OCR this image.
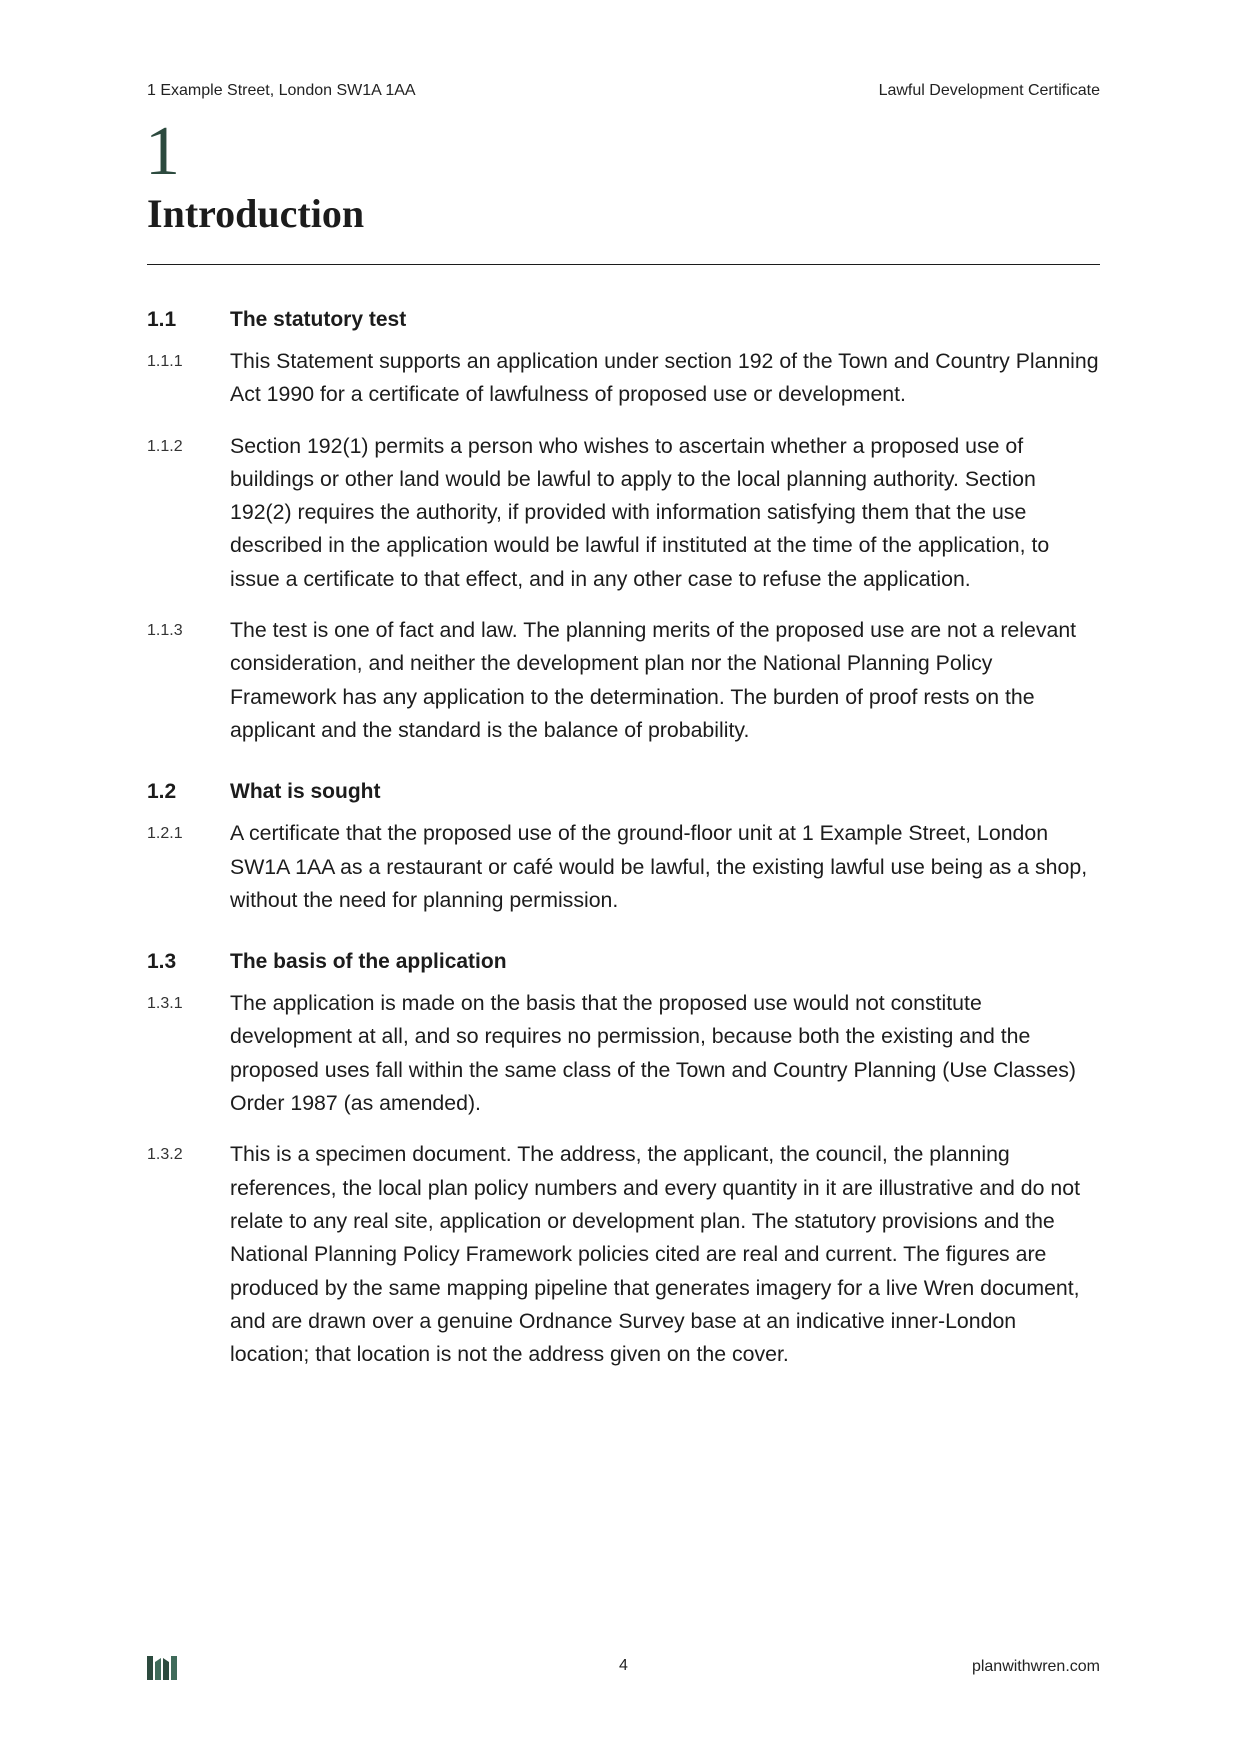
1 Example Street, London SW1A 1AA	Lawful Development Certificate
1
Introduction
1.1	The statutory test
1.1.1	This Statement supports an application under section 192 of the Town and Country Planning Act 1990 for a certificate of lawfulness of proposed use or development.
1.1.2	Section 192(1) permits a person who wishes to ascertain whether a proposed use of buildings or other land would be lawful to apply to the local planning authority. Section 192(2) requires the authority, if provided with information satisfying them that the use described in the application would be lawful if instituted at the time of the application, to issue a certificate to that effect, and in any other case to refuse the application.
1.1.3	The test is one of fact and law. The planning merits of the proposed use are not a relevant consideration, and neither the development plan nor the National Planning Policy Framework has any application to the determination. The burden of proof rests on the applicant and the standard is the balance of probability.
1.2	What is sought
1.2.1	A certificate that the proposed use of the ground-floor unit at 1 Example Street, London SW1A 1AA as a restaurant or café would be lawful, the existing lawful use being as a shop, without the need for planning permission.
1.3	The basis of the application
1.3.1	The application is made on the basis that the proposed use would not constitute development at all, and so requires no permission, because both the existing and the proposed uses fall within the same class of the Town and Country Planning (Use Classes) Order 1987 (as amended).
1.3.2	This is a specimen document. The address, the applicant, the council, the planning references, the local plan policy numbers and every quantity in it are illustrative and do not relate to any real site, application or development plan. The statutory provisions and the National Planning Policy Framework policies cited are real and current. The figures are produced by the same mapping pipeline that generates imagery for a live Wren document, and are drawn over a genuine Ordnance Survey base at an indicative inner-London location; that location is not the address given on the cover.
4	planwithwren.com
